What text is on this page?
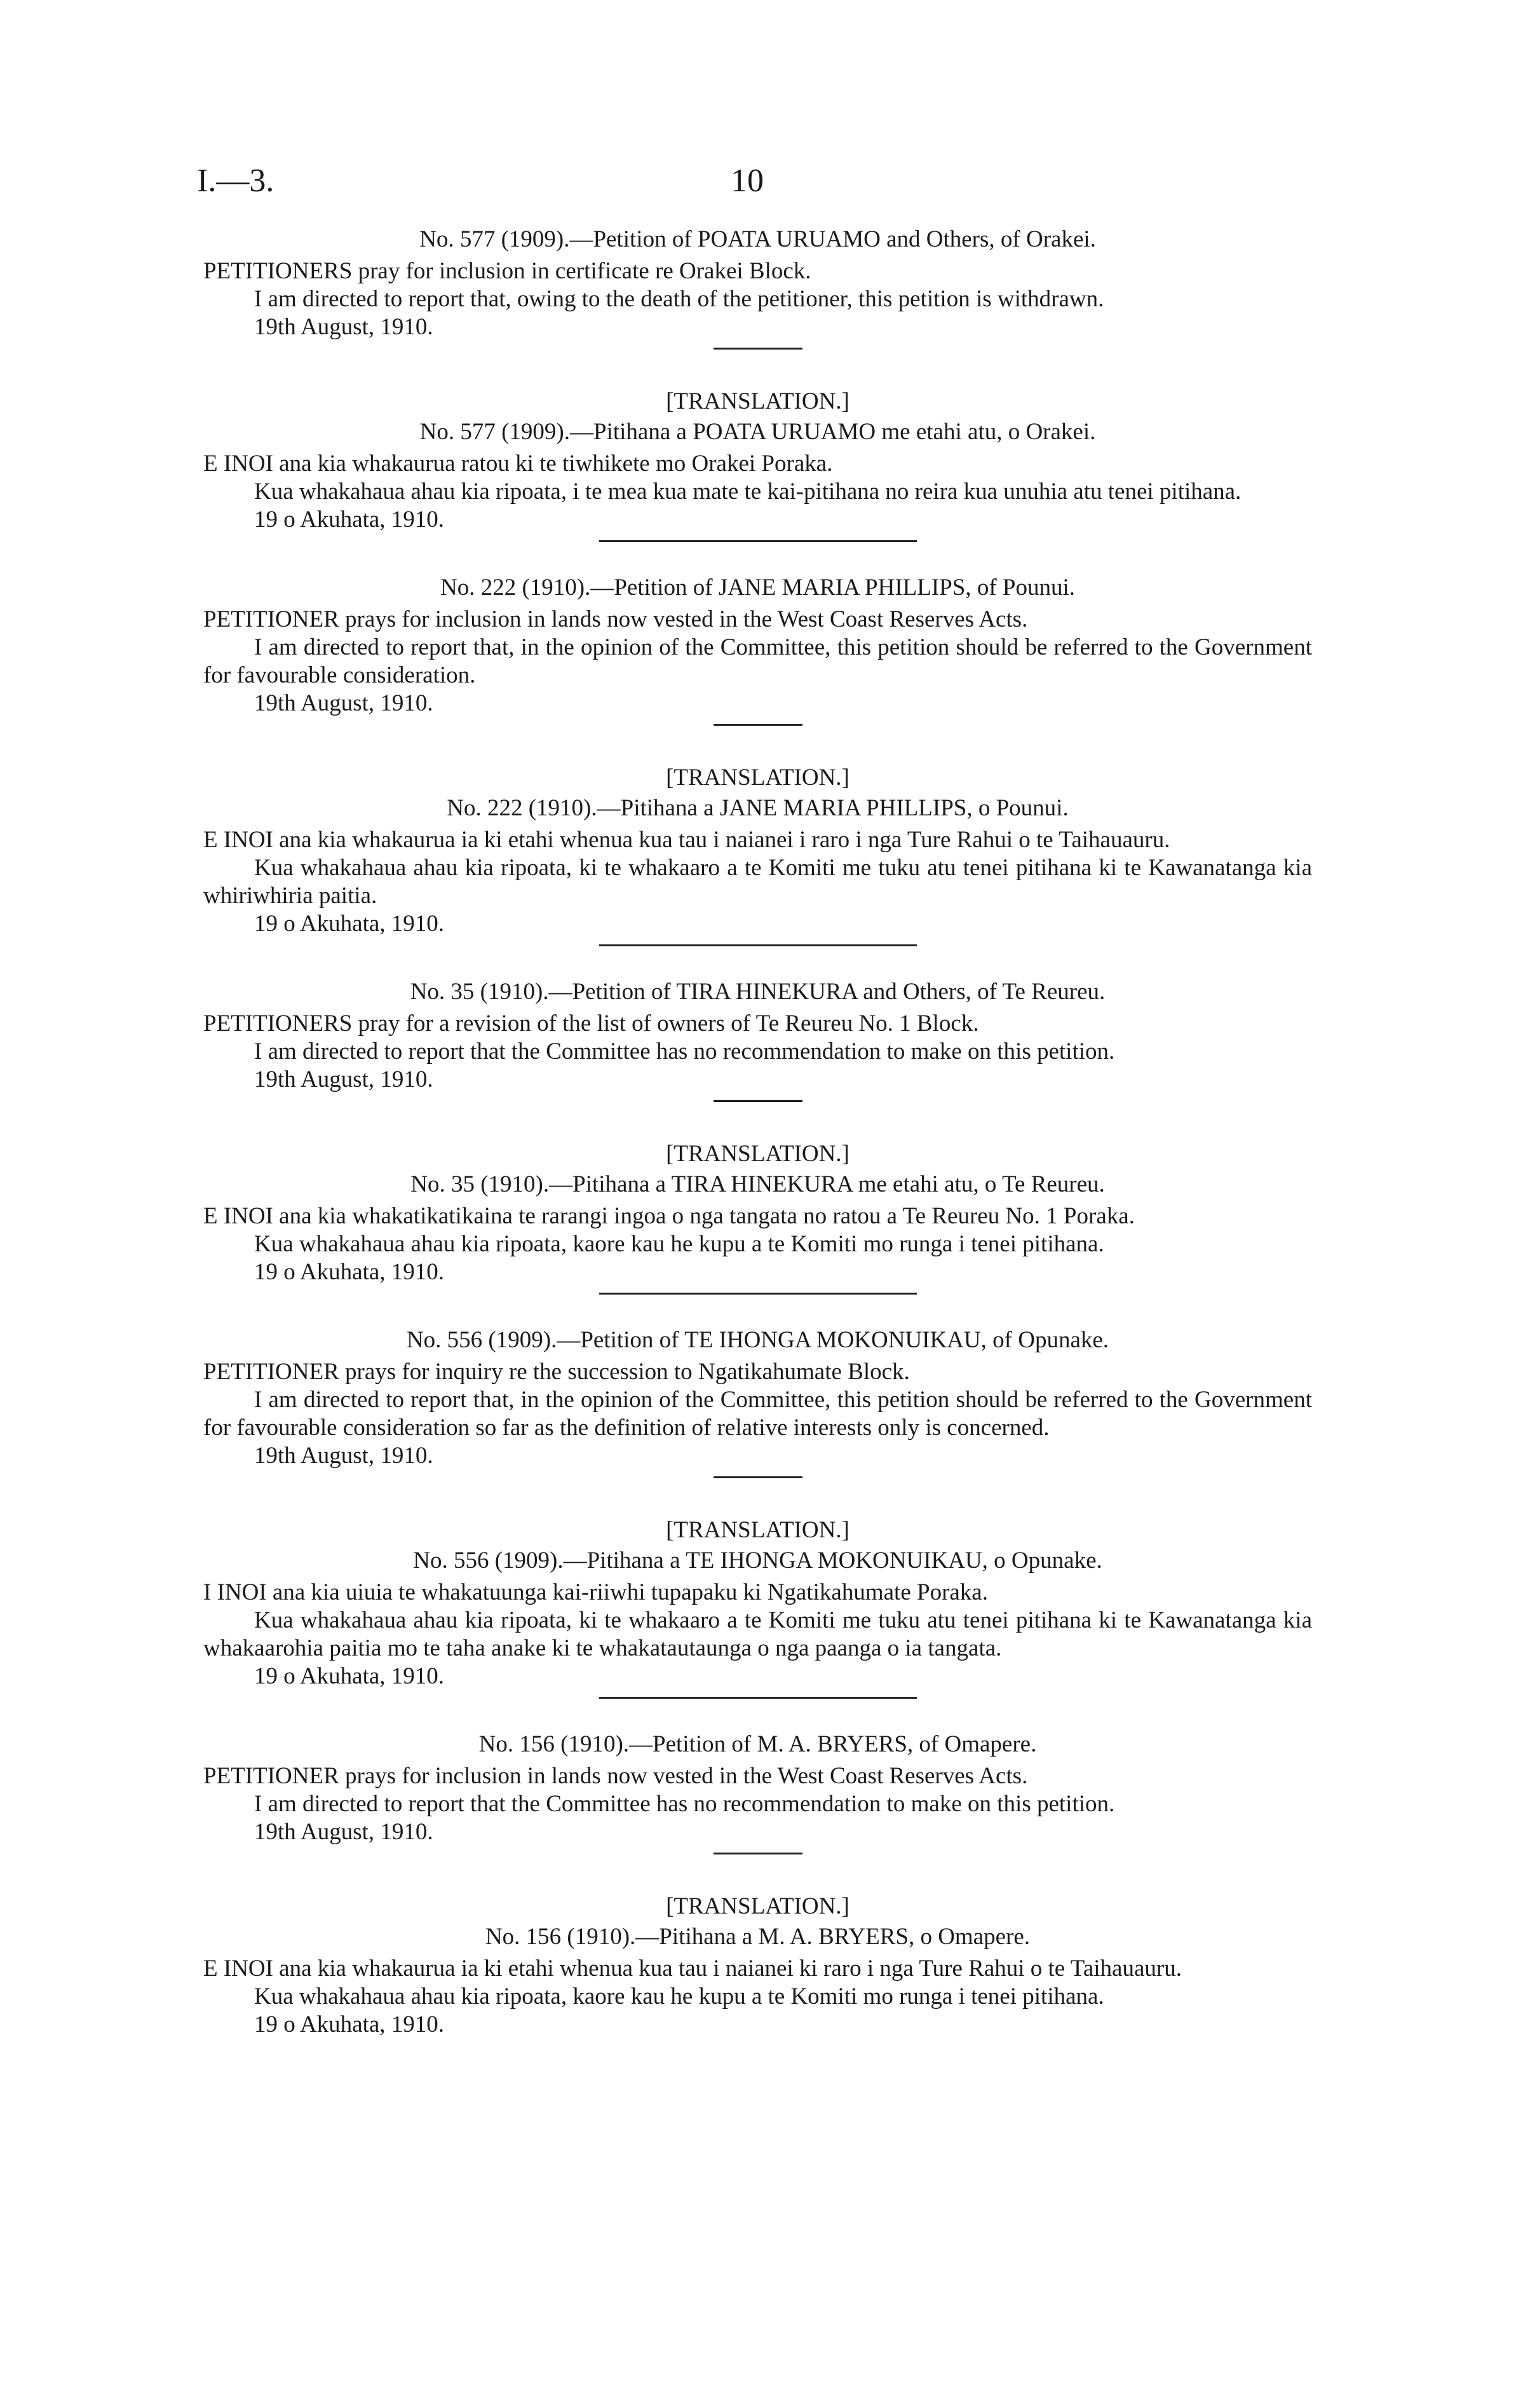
I.—3.	10
No. 577 (1909).—Petition of POATA URUAMO and Others, of Orakei.

PETITIONERS pray for inclusion in certificate re Orakei Block.

I am directed to report that, owing to the death of the petitioner, this petition is withdrawn.

19th August, 1910.
[TRANSLATION.]
No. 577 (1909).—Pitihana a POATA URUAMO me etahi atu, o Orakei.

E INOI ana kia whakaurua ratou ki te tiwhikete mo Orakei Poraka.

Kua whakahaua ahau kia ripoata, i te mea kua mate te kai-pitihana no reira kua unuhia atu tenei pitihana.

19 o Akuhata, 1910.
No. 222 (1910).—Petition of JANE MARIA PHILLIPS, of Pounui.

PETITIONER prays for inclusion in lands now vested in the West Coast Reserves Acts.

I am directed to report that, in the opinion of the Committee, this petition should be referred to the Government for favourable consideration.

19th August, 1910.
[TRANSLATION.]
No. 222 (1910).—Pitihana a JANE MARIA PHILLIPS, o Pounui.

E INOI ana kia whakaurua ia ki etahi whenua kua tau i naianei i raro i nga Ture Rahui o te Taihauauru.

Kua whakahaua ahau kia ripoata, ki te whakaaro a te Komiti me tuku atu tenei pitihana ki te Kawanatanga kia whiriwhiria paitia.

19 o Akuhata, 1910.
No. 35 (1910).—Petition of TIRA HINEKURA and Others, of Te Reureu.

PETITIONERS pray for a revision of the list of owners of Te Reureu No. 1 Block.

I am directed to report that the Committee has no recommendation to make on this petition.

19th August, 1910.
[TRANSLATION.]
No. 35 (1910).—Pitihana a TIRA HINEKURA me etahi atu, o Te Reureu.

E INOI ana kia whakatikatikaina te rarangi ingoa o nga tangata no ratou a Te Reureu No. 1 Poraka.

Kua whakahaua ahau kia ripoata, kaore kau he kupu a te Komiti mo runga i tenei pitihana.

19 o Akuhata, 1910.
No. 556 (1909).—Petition of TE IHONGA MOKONUIKAU, of Opunake.

PETITIONER prays for inquiry re the succession to Ngatikahumate Block.

I am directed to report that, in the opinion of the Committee, this petition should be referred to the Government for favourable consideration so far as the definition of relative interests only is concerned.

19th August, 1910.
[TRANSLATION.]
No. 556 (1909).—Pitihana a TE IHONGA MOKONUIKAU, o Opunake.

I INOI ana kia uiuia te whakatuunga kai-riiwhi tupapaku ki Ngatikahumate Poraka.

Kua whakahaua ahau kia ripoata, ki te whakaaro a te Komiti me tuku atu tenei pitihana ki te Kawanatanga kia whakaarohia paitia mo te taha anake ki te whakatautaunga o nga paanga o ia tangata.

19 o Akuhata, 1910.
No. 156 (1910).—Petition of M. A. BRYERS, of Omapere.

PETITIONER prays for inclusion in lands now vested in the West Coast Reserves Acts.

I am directed to report that the Committee has no recommendation to make on this petition.

19th August, 1910.
[TRANSLATION.]
No. 156 (1910).—Pitihana a M. A. BRYERS, o Omapere.

E INOI ana kia whakaurua ia ki etahi whenua kua tau i naianei ki raro i nga Ture Rahui o te Taihauauru.

Kua whakahaua ahau kia ripoata, kaore kau he kupu a te Komiti mo runga i tenei pitihana.

19 o Akuhata, 1910.
